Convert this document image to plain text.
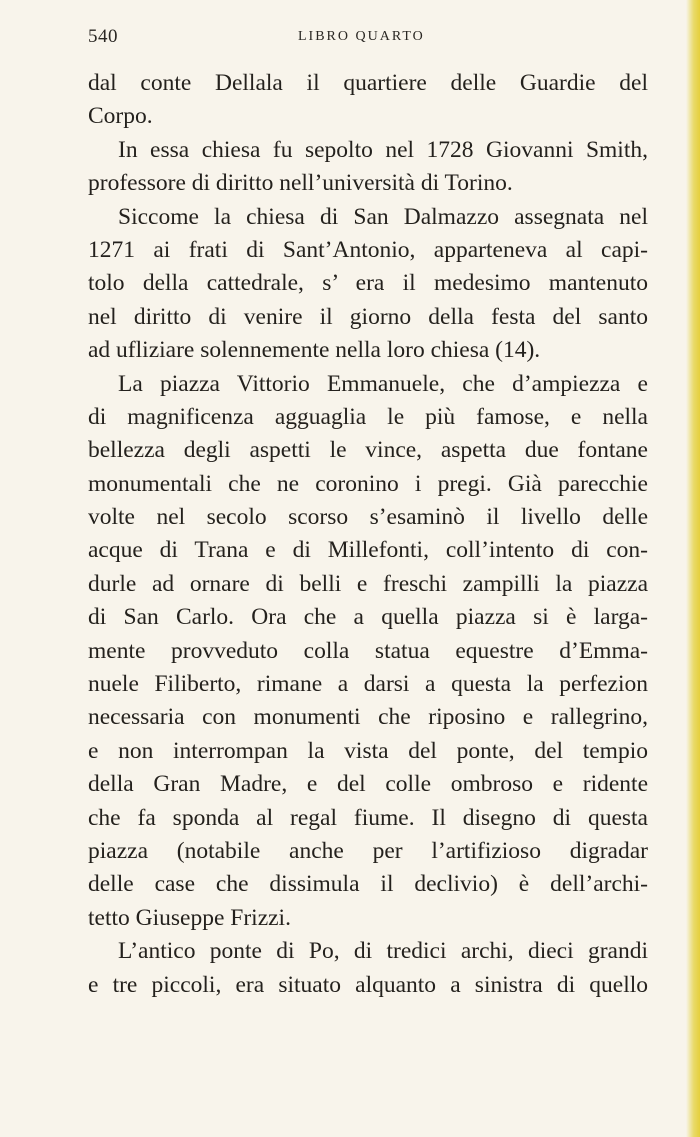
540	LIBRO QUARTO

dal conte Dellala il quartiere delle Guardie del
Corpo.

In essa chiesa fu sepolto nel 1728 Giovanni Smith,
professore di diritto nell’università di Torino.

Siccome la chiesa di San Dalmazzo assegnata nel
1271 ai frati di Sant’Antonio, apparteneva al capi-
tolo della cattedrale, s’ era il medesimo mantenuto
nel diritto di venire il giorno della festa del santo
ad ufliziare solennemente nella loro chiesa (14).

La piazza Vittorio Emmanuele, che d’ampiezza e
di magnificenza agguaglia le più famose, e nella
bellezza degli aspetti le vince, aspetta due fontane
monumentali che ne coronino i pregi. Già parecchie
volte nel secolo scorso s’esaminò il livello delle
acque di Trana e di Millefonti, coll’intento di con-
durle ad ornare di belli e freschi zampilli la piazza
di San Carlo. Ora che a quella piazza si è larga-
mente provveduto colla statua equestre d’Emma-
nuele Filiberto, rimane a darsi a questa la perfezion
necessaria con monumenti che riposino e rallegrino,
e non interrompan la vista del ponte, del tempio
della Gran Madre, e del colle ombroso e ridente
che fa sponda al regal fiume. Il disegno di questa
piazza (notabile anche per l’artifizioso digradar
delle case che dissimula il declivio) è dell’archi-
tetto Giuseppe Frizzi.

L’antico ponte di Po, di tredici archi, dieci grandi
e tre piccoli, era situato alquanto a sinistra di quello
